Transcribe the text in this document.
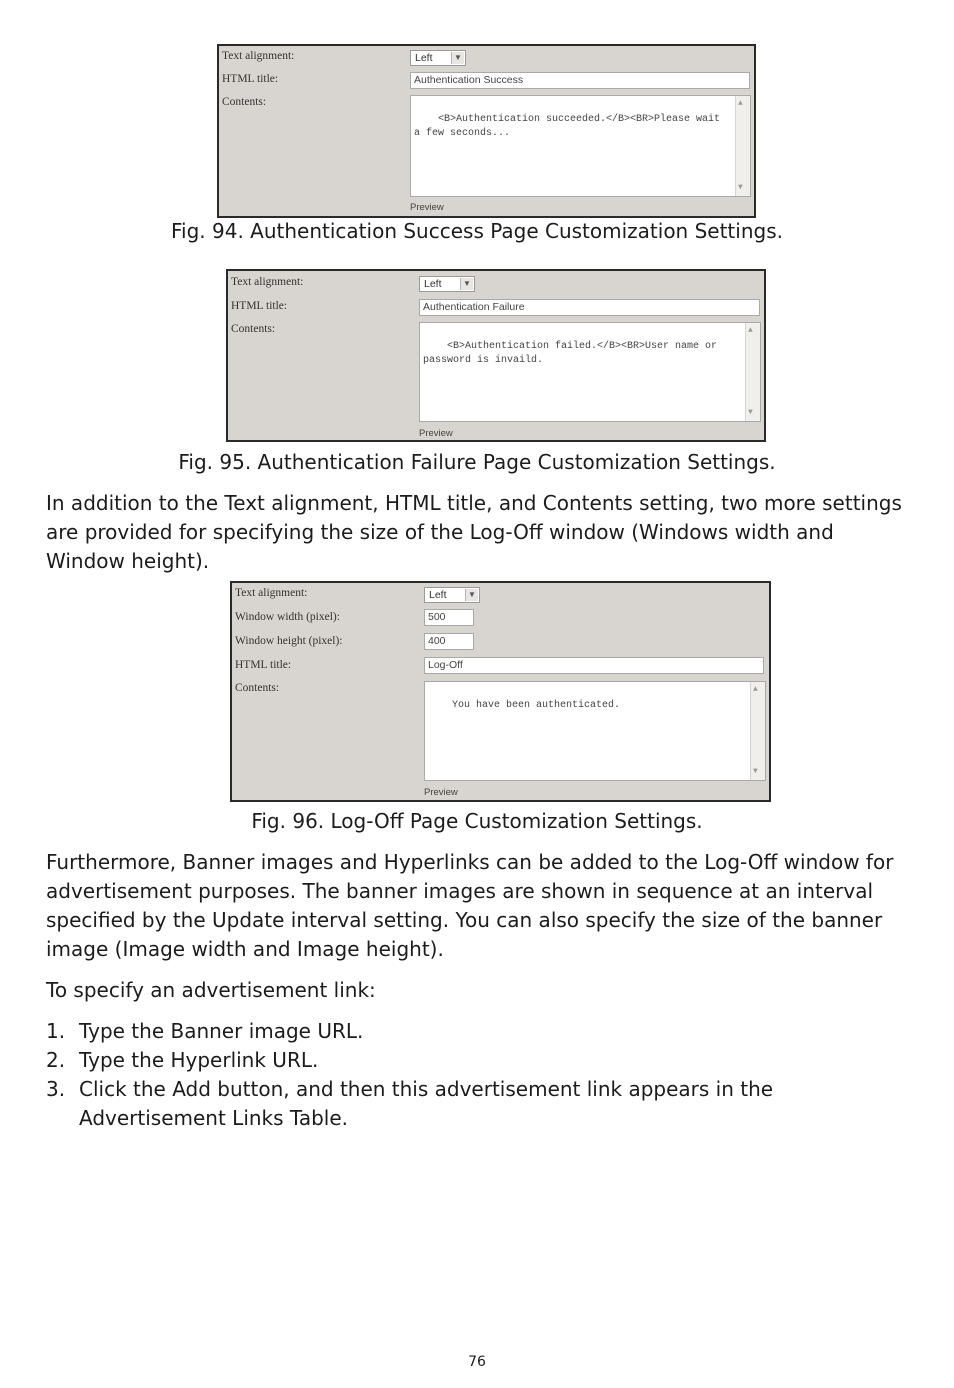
Text alignment:	Left	▼
HTML title:	Authentication Success
Contents:

<B>Authentication succeeded.</B><BR>Please wait a few seconds...

▲
▼

Preview
Fig. 94. Authentication Success Page Customization Settings.
Text alignment:	Left	▼
HTML title:	Authentication Failure
Contents:

<B>Authentication failed.</B><BR>User name or password is invaild.

▲
▼

Preview
Fig. 95. Authentication Failure Page Customization Settings.

In addition to the Text alignment, HTML title, and Contents setting, two more settings are provided for specifying the size of the Log-Off window (Windows width and Window height).

Text alignment:	Left	▼
Window width (pixel):	500
Window height (pixel):	400
HTML title:	Log-Off
Contents:

You have been authenticated.

▲
▼

Preview
Fig. 96. Log-Off Page Customization Settings.

Furthermore, Banner images and Hyperlinks can be added to the Log-Off window for advertisement purposes. The banner images are shown in sequence at an interval specified by the Update interval setting. You can also specify the size of the banner image (Image width and Image height).

To specify an advertisement link:

1. Type the Banner image URL.
2. Type the Hyperlink URL.
3. Click the Add button, and then this advertisement link appears in the Advertisement Links Table.
76
